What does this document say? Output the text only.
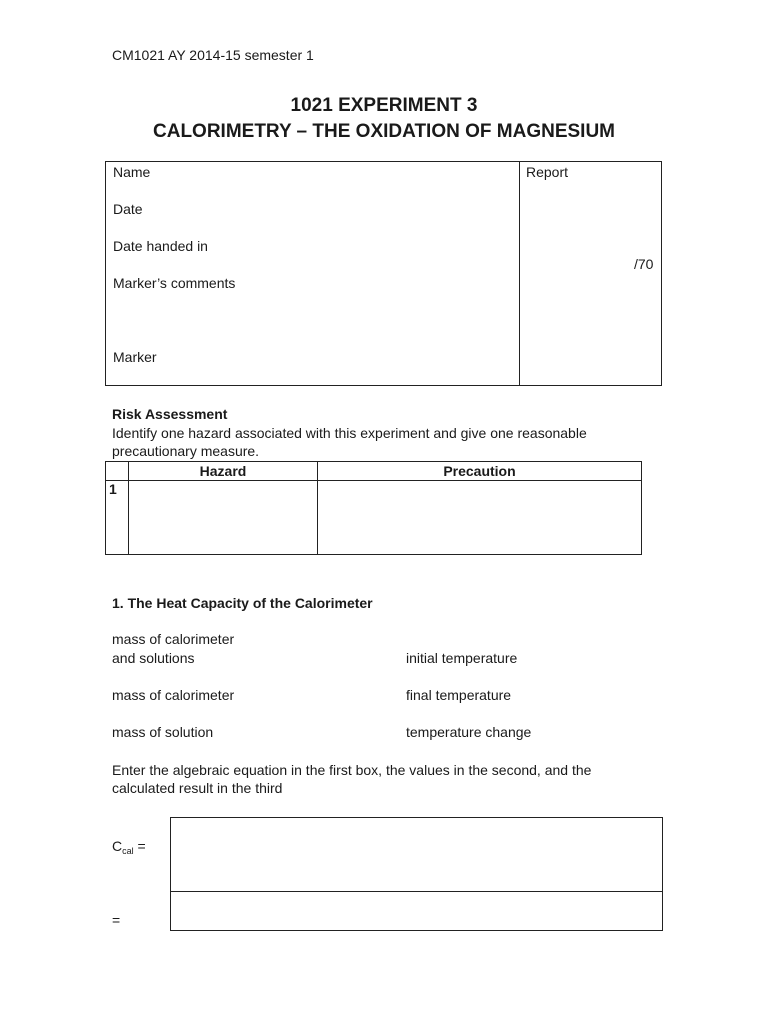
CM1021 AY 2014-15 semester 1
1021 EXPERIMENT 3
CALORIMETRY – THE OXIDATION OF MAGNESIUM
Name
Date
Date handed in
Marker’s comments
Marker
Report
/70
Risk Assessment
Identify one hazard associated with this experiment and give one reasonable
precautionary measure.
	Hazard	Precaution
1		
1. The Heat Capacity of the Calorimeter
mass of calorimeter
and solutions	initial temperature
mass of calorimeter	final temperature
mass of solution	temperature change
Enter the algebraic equation in the first box, the values in the second, and the
calculated result in the third
$C_{cal}$ =
=
